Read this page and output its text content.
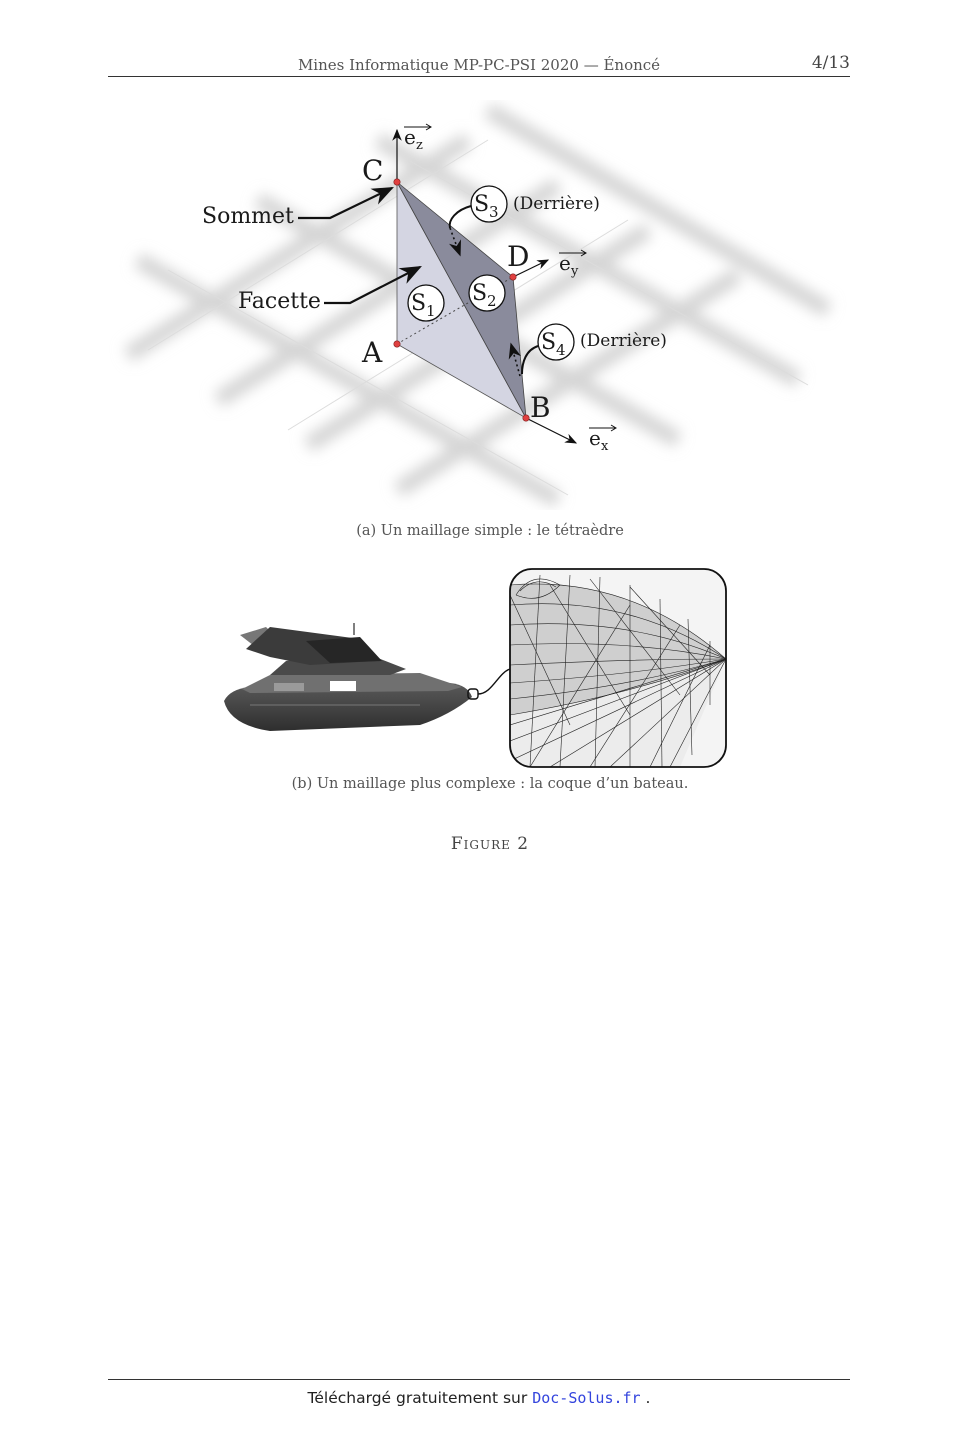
Mines Informatique MP-PC-PSI 2020 — Énoncé	4/13
C
A
B
D
e z
e y
e x
Sommet
Facette	S 1
S 2
S 3 (Derrière)
S 4 (Derrière)
(a) Un maillage simple : le tétraèdre
(b) Un maillage plus complexe : la coque d’un bateau.
Figure 2
Téléchargé gratuitement sur Doc-Solus.fr .
